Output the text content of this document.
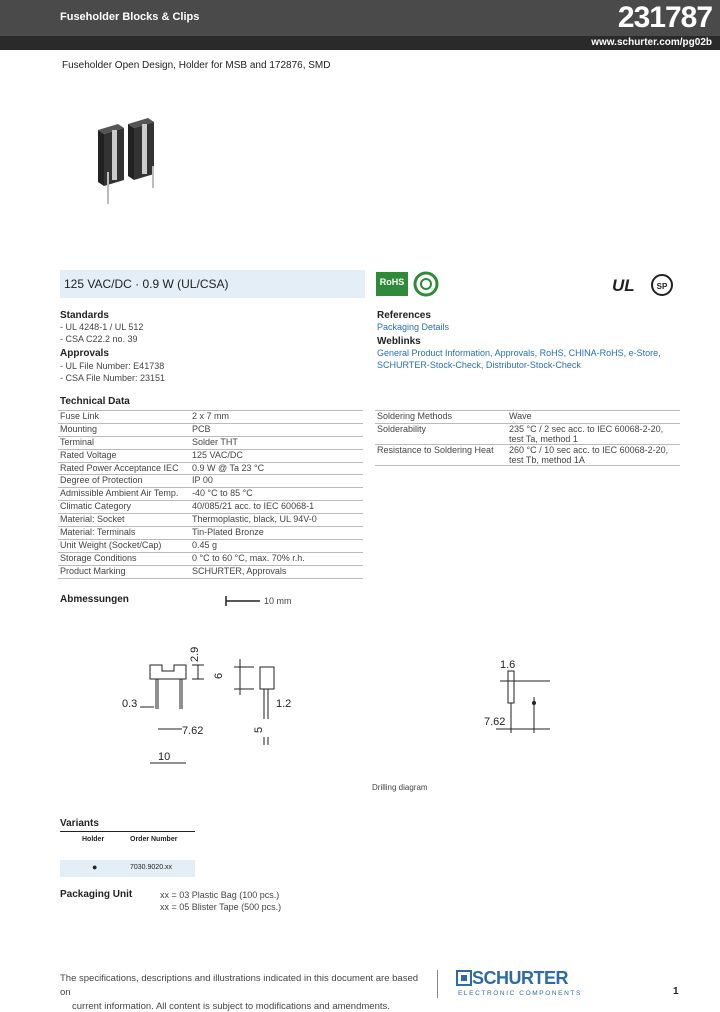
Fuseholder Blocks & Clips	231787
www.schurter.com/pg02b
Fuseholder Open Design, Holder for MSB and 172876, SMD
125 VAC/DC · 0.9 W (UL/CSA)	RoHS	UL	SP
Standards
- UL 4248-1 / UL 512
- CSA C22.2 no. 39
Approvals
- UL File Number: E41738
- CSA File Number: 23151
References
Packaging Details
Weblinks
General Product Information, Approvals, RoHS, CHINA-RoHS, e-Store,
SCHURTER-Stock-Check, Distributor-Stock-Check
Technical Data
Fuse Link	2 x 7 mm
Mounting	PCB
Terminal	Solder THT
Rated Voltage	125 VAC/DC
Rated Power Acceptance IEC	0.9 W @ Ta 23 °C
Degree of Protection	IP 00
Admissible Ambient Air Temp.	-40 °C to 85 °C
Climatic Category	40/085/21 acc. to IEC 60068-1
Material: Socket	Thermoplastic, black, UL 94V-0
Material: Terminals	Tin-Plated Bronze
Unit Weight (Socket/Cap)	0.45 g
Storage Conditions	0 °C to 60 °C, max. 70% r.h.
Product Marking	SCHURTER, Approvals
Soldering Methods	Wave

Solderability	235 °C / 2 sec acc. to IEC 60068-2-20,
test Ta, method 1

Resistance to Soldering Heat	260 °C / 10 sec acc. to IEC 60068-2-20,
test Tb, method 1A
Abmessungen	10 mm
2.9
0.3
7.62
10
6
1.2
5
1.6
7.62
Drilling diagram
Variants
Holder	Order Number
●	7030.9020.xx
Packaging Unit	xx = 03 Plastic Bag (100 pcs.)
xx = 05 Blister Tape (500 pcs.)
The specifications, descriptions and illustrations indicated in this document are based on
current information. All content is subject to modifications and amendments.
SCHURTER
ELECTRONIC COMPONENTS	1
